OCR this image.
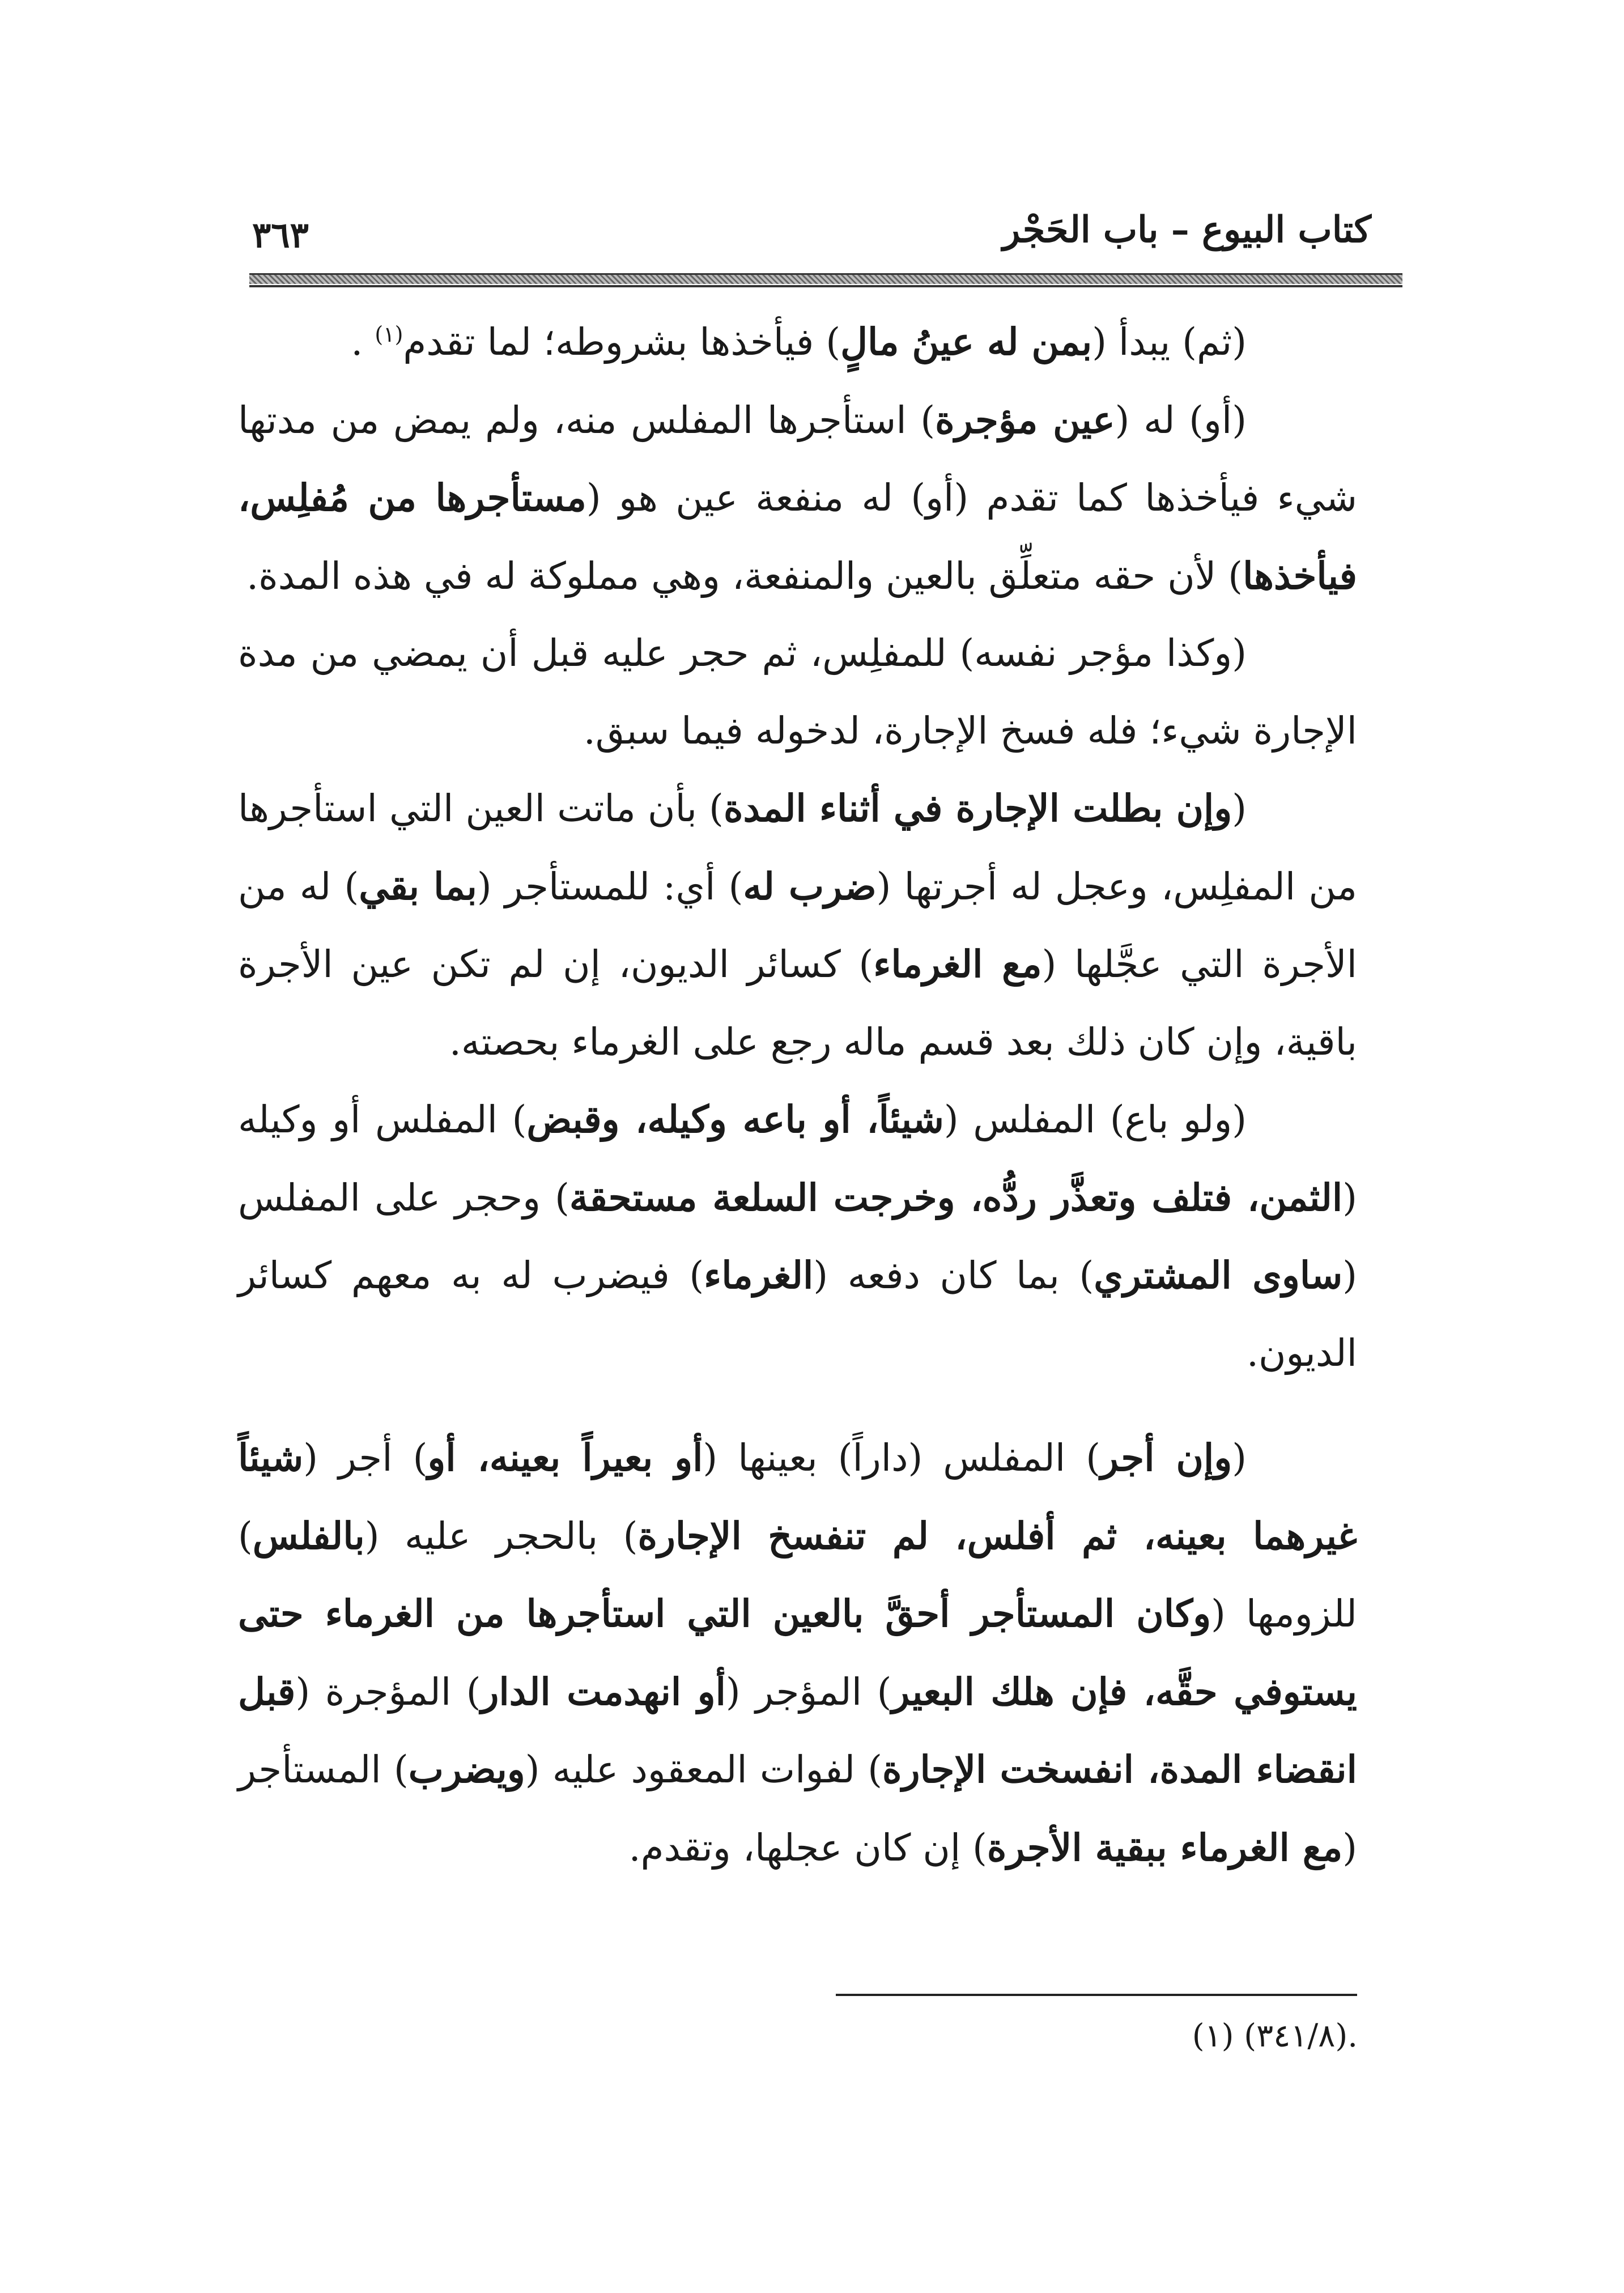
٣٦٣	كتاب البيوع – باب الحَجْر

(ثم) يبدأ (بمن له عينُ مالٍ) فيأخذها بشروطه؛ لما تقدم$^{(١)}$ .

(أو) له (عين مؤجرة) استأجرها المفلس منه، ولم يمض من مدتها شيء فيأخذها كما تقدم (أو) له منفعة عين هو (مستأجرها من مُفلِس، فيأخذها) لأن حقه متعلِّق بالعين والمنفعة، وهي مملوكة له في هذه المدة.

(وكذا مؤجر نفسه) للمفلِس، ثم حجر عليه قبل أن يمضي من مدة الإجارة شيء؛ فله فسخ الإجارة، لدخوله فيما سبق.

(وإن بطلت الإجارة في أثناء المدة) بأن ماتت العين التي استأجرها من المفلِس، وعجل له أجرتها (ضرب له) أي: للمستأجر (بما بقي) له من الأجرة التي عجَّلها (مع الغرماء) كسائر الديون، إن لم تكن عين الأجرة باقية، وإن كان ذلك بعد قسم ماله رجع على الغرماء بحصته.

(ولو باع) المفلس (شيئاً، أو باعه وكيله، وقبض) المفلس أو وكيله (الثمن، فتلف وتعذَّر ردُّه، وخرجت السلعة مستحقة) وحجر على المفلس (ساوى المشتري) بما كان دفعه (الغرماء) فيضرب له به معهم كسائر الديون.

(وإن أجر) المفلس (داراً) بعينها (أو بعيراً بعينه، أو) أجر (شيئاً غيرهما بعينه، ثم أفلس، لم تنفسخ الإجارة) بالحجر عليه (بالفلس) للزومها (وكان المستأجر أحقَّ بالعين التي استأجرها من الغرماء حتى يستوفي حقَّه، فإن هلك البعير) المؤجر (أو انهدمت الدار) المؤجرة (قبل انقضاء المدة، انفسخت الإجارة) لفوات المعقود عليه (ويضرب) المستأجر (مع الغرماء ببقية الأجرة) إن كان عجلها، وتقدم.

.(٣٤١/٨) (١)
